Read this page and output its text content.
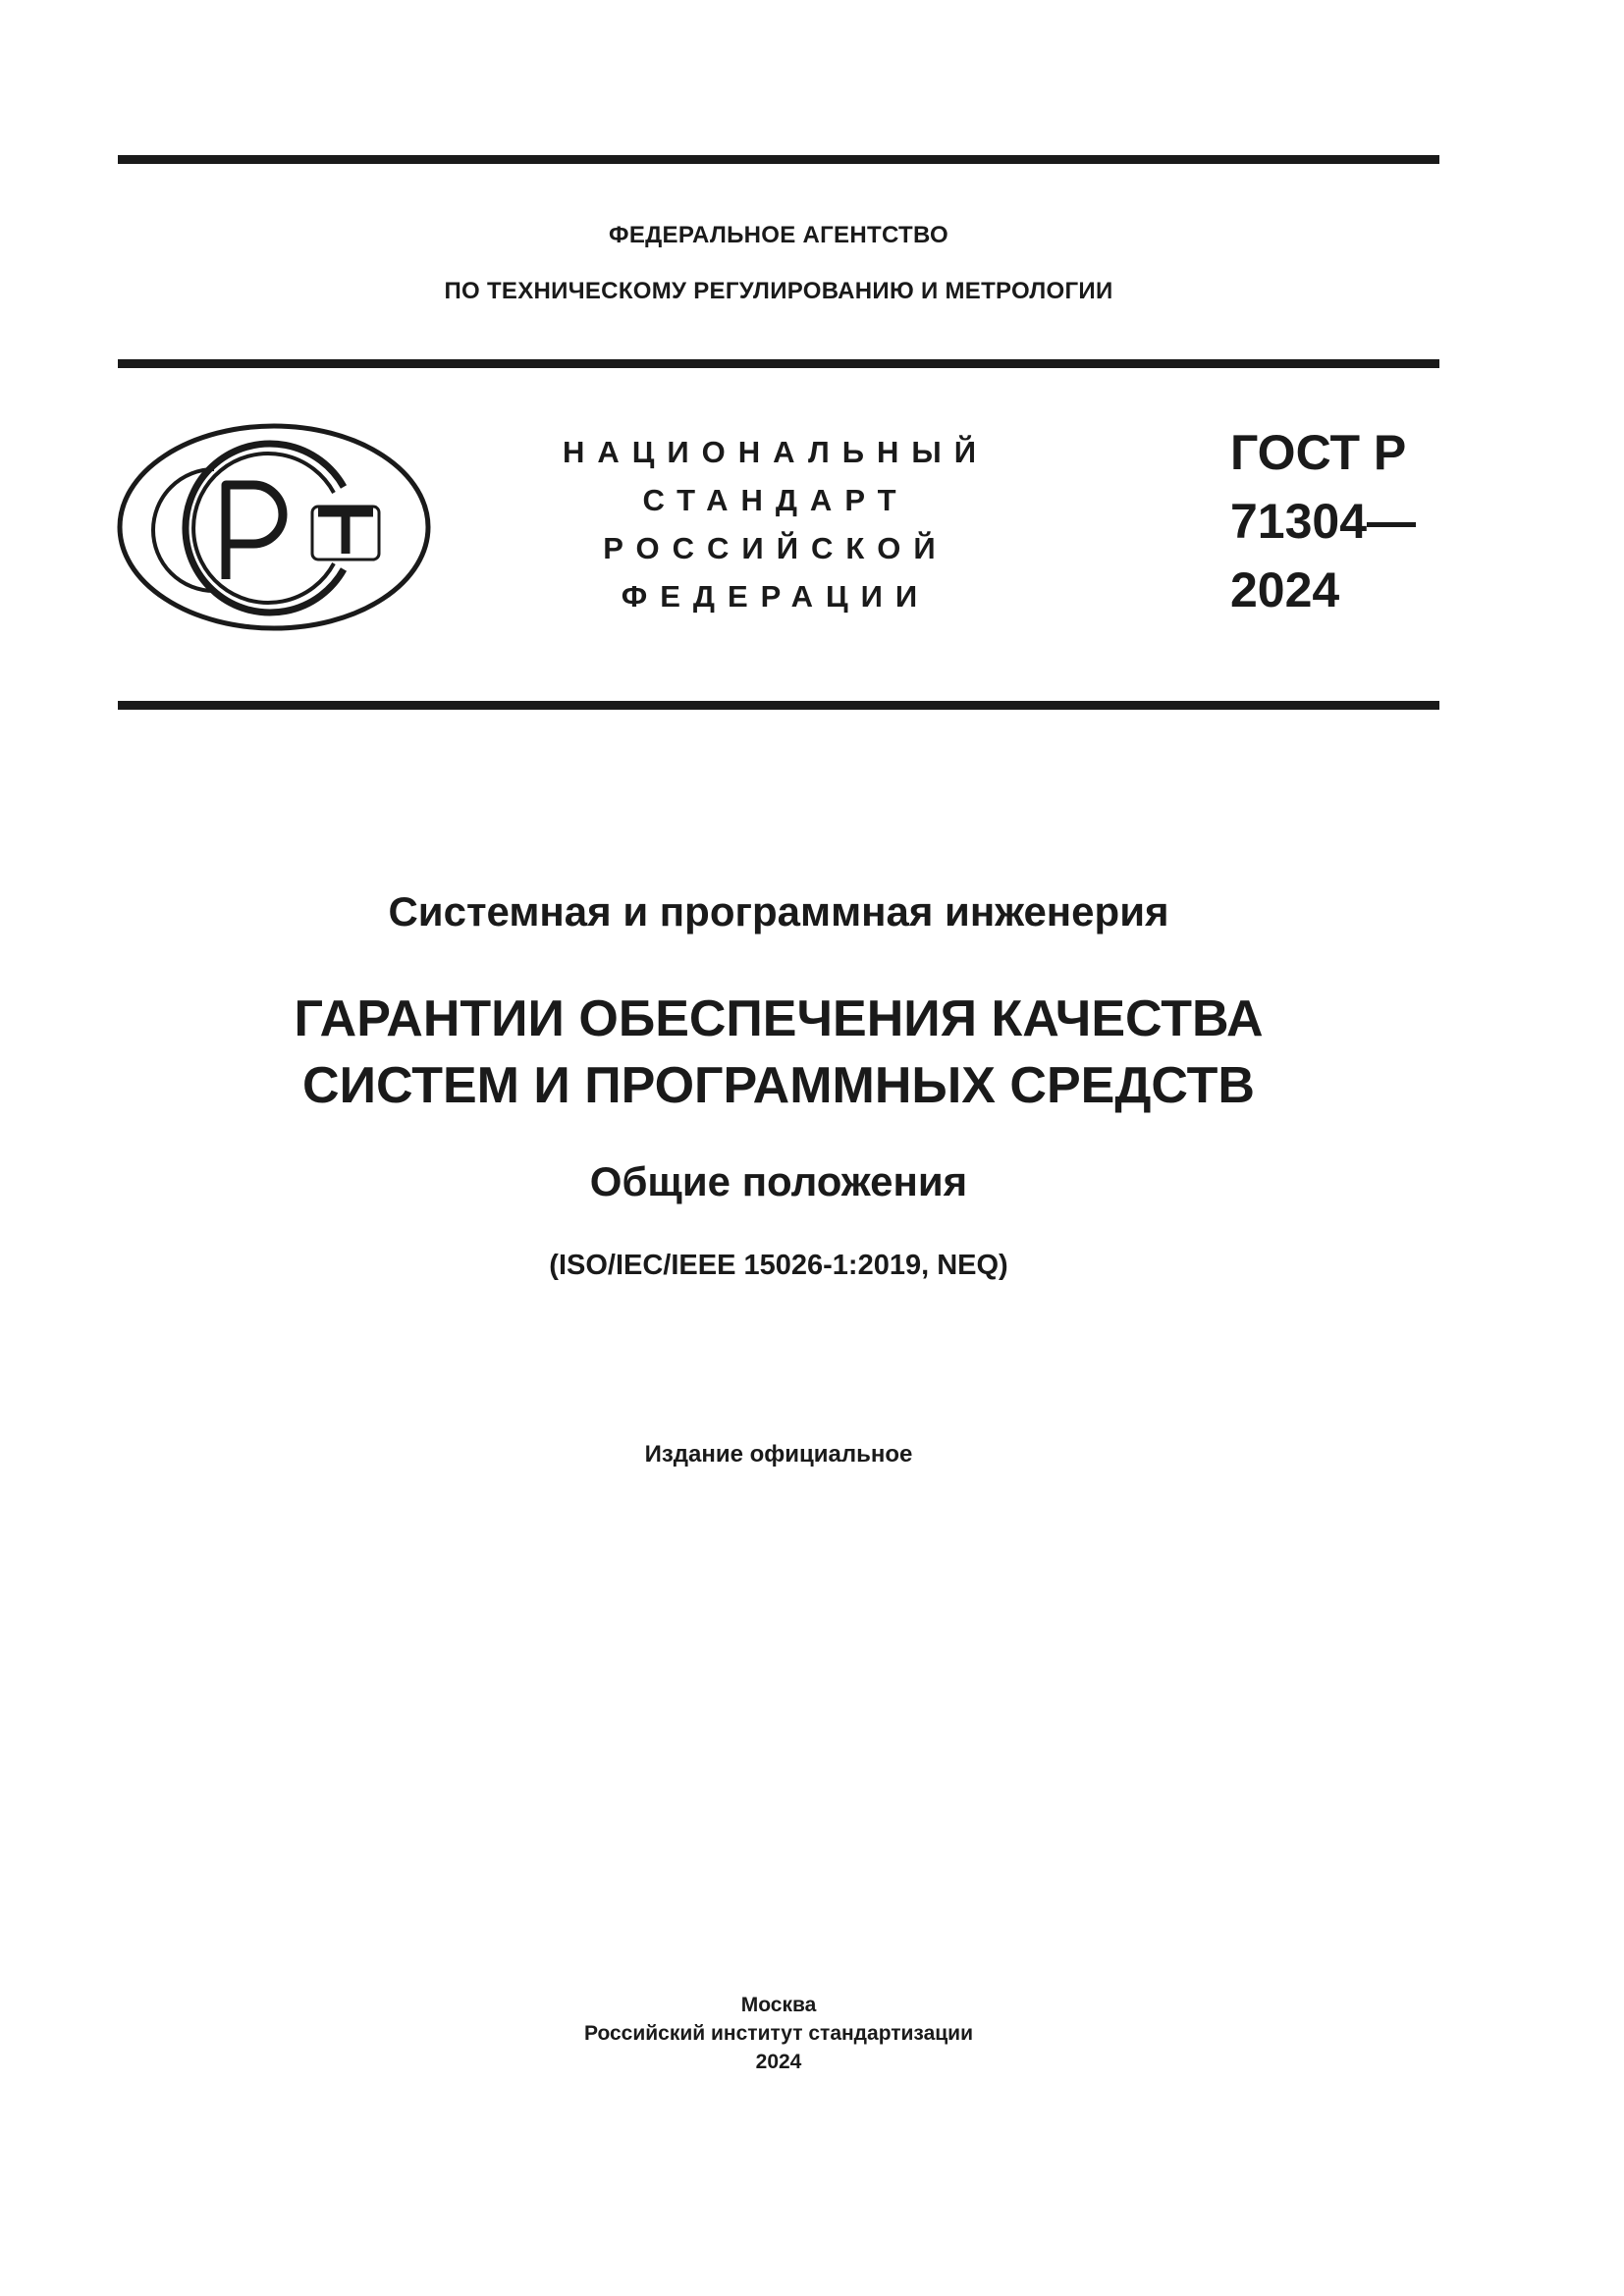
ФЕДЕРАЛЬНОЕ АГЕНТСТВО
ПО ТЕХНИЧЕСКОМУ РЕГУЛИРОВАНИЮ И МЕТРОЛОГИИ
НАЦИОНАЛЬНЫЙ
СТАНДАРТ
РОССИЙСКОЙ
ФЕДЕРАЦИИ
ГОСТ Р
71304—
2024
Системная и программная инженерия
ГАРАНТИИ ОБЕСПЕЧЕНИЯ КАЧЕСТВА
СИСТЕМ И ПРОГРАММНЫХ СРЕДСТВ
Общие положения
(ISO/IEC/IEEE 15026-1:2019, NEQ)
Издание официальное
Москва
Российский институт стандартизации
2024
